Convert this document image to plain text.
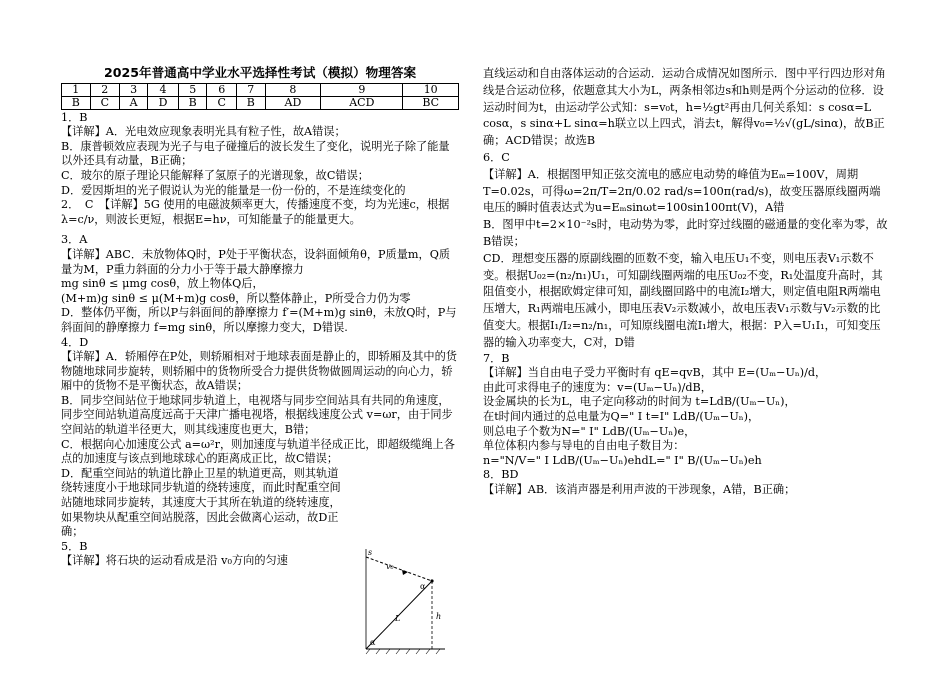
2025年普通高中学业水平选择性考试（模拟）物理答案
1	2	3	4	5	6	7	8	9	10
B	C	A	D	B	C	B	AD	ACD	BC

1．B

【详解】A．光电效应现象表明光具有粒子性，故A错误；

B．康普顿效应表现为光子与电子碰撞后的波长发生了变化，说明光子除了能量以外还具有动量，B正确；

C．玻尔的原子理论只能解释了氢原子的光谱现象，故C错误；

D．爱因斯坦的光子假说认为光的能量是一份一份的，不是连续变化的

2．　C　【详解】5G 使用的电磁波频率更大，传播速度不变，均为光速c，根据λ=c/ν，则波长更短，根据E=hν，可知能量子的能量更大。

3．A

【详解】ABC．未放物体Q时，P处于平衡状态，设斜面倾角θ，P质量m，Q质量为M，P重力斜面的分力小于等于最大静摩擦力

mg sinθ ≤ μmg cosθ，放上物体Q后，

(M+m)g sinθ ≤ μ(M+m)g cosθ，所以整体静止，P所受合力仍为零

D．整体仍平衡，所以P与斜面间的静摩擦力 f′=(M+m)g sinθ，未放Q时，P与斜面间的静摩擦力 f=mg sinθ，所以摩擦力变大，D错误.

4．D

【详解】A．轿厢停在P处，则轿厢相对于地球表面是静止的，即轿厢及其中的货物随地球同步旋转，则轿厢中的货物所受合力提供货物做圆周运动的向心力，轿厢中的货物不是平衡状态，故A错误；

B．同步空间站位于地球同步轨道上，电视塔与同步空间站具有共同的角速度，同步空间站轨道高度远高于天津广播电视塔，根据线速度公式 v=ωr，由于同步空间站的轨道半径更大，则其线速度也更大，B错；

C．根据向心加速度公式 a=ω²r，则加速度与轨道半径成正比，即超级缆绳上各点的加速度与该点到地球球心的距离成正比，故C错误；

D．配重空间站的轨道比静止卫星的轨道更高，则其轨道绕转速度小于地球同步轨道的绕转速度，而此时配重空间站随地球同步旋转，其速度大于其所在轨道的绕转速度，如果物块从配重空间站脱落，因此会做离心运动，故D正确；

5．B

【详解】将石块的运动看成是沿 v₀方向的匀速

s
v₀
α
L	h
α

直线运动和自由落体运动的合运动．运动合成情况如图所示．图中平行四边形对角线是合运动位移，依题意其大小为L，两条相邻边s和h则是两个分运动的位移．设运动时间为t，由运动学公式知：s=v₀t，h=½gt²再由几何关系知：s cosα=L cosα，s sinα+L sinα=h联立以上四式，消去t，解得v₀=½√(gL/sinα)，故B正确；ACD错误；故选B

6．C

【详解】A．根据图甲知正弦交流电的感应电动势的峰值为Eₘ=100V，周期T=0.02s，可得ω=2π/T=2π/0.02 rad/s=100π(rad/s)，故变压器原线圈两端电压的瞬时值表达式为u=Eₘsinωt=100sin100πt(V)，A错

B．图甲中t=2×10⁻²s时，电动势为零，此时穿过线圈的磁通量的变化率为零，故B错误；

CD．理想变压器的原副线圈的匝数不变，输入电压U₁不变，则电压表V₁示数不变。根据U₀₂=(n₂/n₁)U₁，可知副线圈两端的电压U₀₂不变，R₁处温度升高时，其阻值变小，根据欧姆定律可知，副线圈回路中的电流I₂增大，则定值电阻R两端电压增大，R₁两端电压减小，即电压表V₂示数减小，故电压表V₁示数与V₂示数的比值变大。根据I₁/I₂=n₂/n₁，可知原线圈电流I₁增大，根据：P入=U₁I₁，可知变压器的输入功率变大，C对，D错

7．B

【详解】当自由电子受力平衡时有 qE=qvB，其中 E=(Uₘ−Uₙ)/d，

由此可求得电子的速度为：v=(Uₘ−Uₙ)/dB，

设金属块的长为L，电子定向移动的时间为 t=LdB/(Uₘ−Uₙ)，

在t时间内通过的总电量为Q=" I t=I" LdB/(Uₘ−Uₙ)，

则总电子个数为N=" I" LdB/(Uₘ−Uₙ)e，

单位体积内参与导电的自由电子数目为：

n="N/V=" I LdB/(Uₘ−Uₙ)ehdL=" I" B/(Uₘ−Uₙ)eh

8．BD

【详解】AB．该消声器是利用声波的干涉现象，A错，B正确；
